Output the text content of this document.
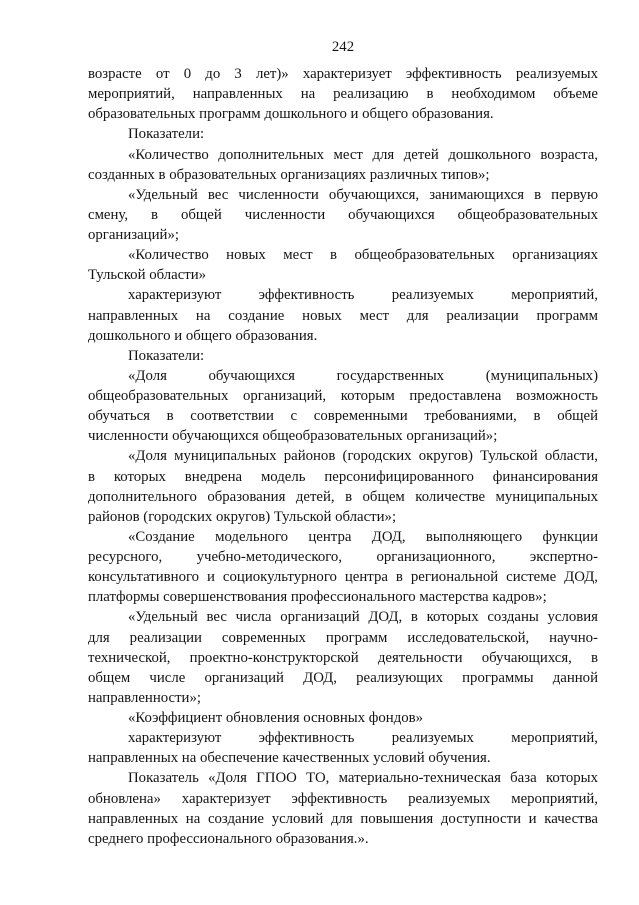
242
возрасте от 0 до 3 лет)» характеризует эффективность реализуемых
мероприятий, направленных на реализацию в необходимом объеме
образовательных программ дошкольного и общего образования.
Показатели:
«Количество дополнительных мест для детей дошкольного возраста,
созданных в образовательных организациях различных типов»;
«Удельный вес численности обучающихся, занимающихся в первую
смену, в общей численности обучающихся общеобразовательных
организаций»;
«Количество новых мест в общеобразовательных организациях
Тульской области»
характеризуют эффективность реализуемых мероприятий,
направленных на создание новых мест для реализации программ
дошкольного и общего образования.
Показатели:
«Доля обучающихся государственных (муниципальных)
общеобразовательных организаций, которым предоставлена возможность
обучаться в соответствии с современными требованиями, в общей
численности обучающихся общеобразовательных организаций»;
«Доля муниципальных районов (городских округов) Тульской области,
в которых внедрена модель персонифицированного финансирования
дополнительного образования детей, в общем количестве муниципальных
районов (городских округов) Тульской области»;
«Создание модельного центра ДОД, выполняющего функции
ресурсного, учебно-методического, организационного, экспертно-
консультативного и социокультурного центра в региональной системе ДОД,
платформы совершенствования профессионального мастерства кадров»;
«Удельный вес числа организаций ДОД, в которых созданы условия
для реализации современных программ исследовательской, научно-
технической, проектно-конструкторской деятельности обучающихся, в
общем числе организаций ДОД, реализующих программы данной
направленности»;
«Коэффициент обновления основных фондов»
характеризуют эффективность реализуемых мероприятий,
направленных на обеспечение качественных условий обучения.
Показатель «Доля ГПОО ТО, материально-техническая база которых
обновлена» характеризует эффективность реализуемых мероприятий,
направленных на создание условий для повышения доступности и качества
среднего профессионального образования.».
